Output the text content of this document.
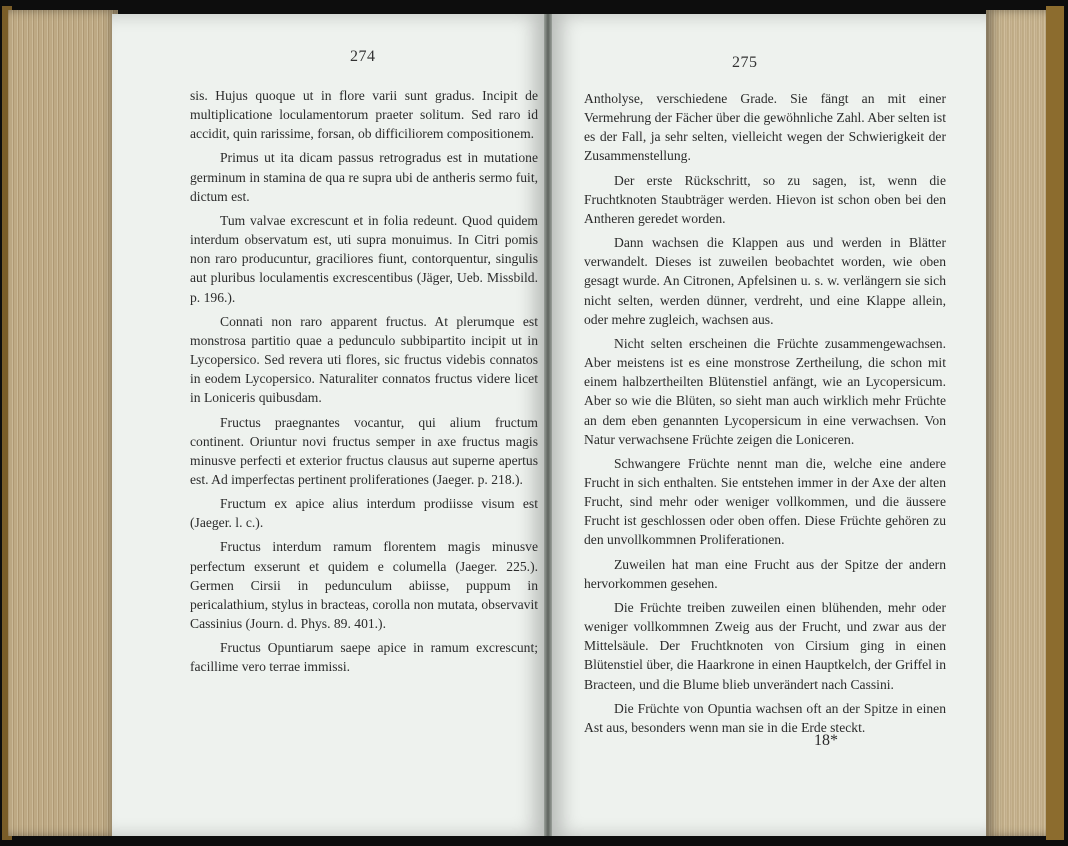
274

sis. Hujus quoque ut in flore varii sunt gradus. Incipit de multiplicatione loculamentorum praeter solitum. Sed raro id accidit, quin rarissime, forsan, ob difficiliorem compositionem.

Primus ut ita dicam passus retrogradus est in mutatione germinum in stamina de qua re supra ubi de antheris sermo fuit, dictum est.

Tum valvae excrescunt et in folia redeunt. Quod quidem interdum observatum est, uti supra monuimus. In Citri pomis non raro producuntur, graciliores fiunt, contorquentur, singulis aut pluribus loculamentis excrescentibus (Jäger, Ueb. Missbild. p. 196.).

Connati non raro apparent fructus. At plerumque est monstrosa partitio quae a pedunculo subbipartito incipit ut in Lycopersico. Sed revera uti flores, sic fructus videbis connatos in eodem Lycopersico. Naturaliter connatos fructus videre licet in Loniceris quibusdam.

Fructus praegnantes vocantur, qui alium fructum continent. Oriuntur novi fructus semper in axe fructus magis minusve perfecti et exterior fructus clausus aut superne apertus est. Ad imperfectas pertinent proliferationes (Jaeger. p. 218.).

Fructum ex apice alius interdum prodiisse visum est (Jaeger. l. c.).

Fructus interdum ramum florentem magis minusve perfectum exserunt et quidem e columella (Jaeger. 225.). Germen Cirsii in pedunculum abiisse, puppum in pericalathium, stylus in bracteas, corolla non mutata, observavit Cassinius (Journ. d. Phys. 89. 401.).

Fructus Opuntiarum saepe apice in ramum excrescunt; facillime vero terrae immissi.

275

Antholyse, verschiedene Grade. Sie fängt an mit einer Vermehrung der Fächer über die gewöhnliche Zahl. Aber selten ist es der Fall, ja sehr selten, vielleicht wegen der Schwierigkeit der Zusammenstellung.

Der erste Rückschritt, so zu sagen, ist, wenn die Fruchtknoten Staubträger werden. Hievon ist schon oben bei den Antheren geredet worden.

Dann wachsen die Klappen aus und werden in Blätter verwandelt. Dieses ist zuweilen beobachtet worden, wie oben gesagt wurde. An Citronen, Apfelsinen u. s. w. verlängern sie sich nicht selten, werden dünner, verdreht, und eine Klappe allein, oder mehre zugleich, wachsen aus.

Nicht selten erscheinen die Früchte zusammengewachsen. Aber meistens ist es eine monstrose Zertheilung, die schon mit einem halbzertheilten Blütenstiel anfängt, wie an Lycopersicum. Aber so wie die Blüten, so sieht man auch wirklich mehr Früchte an dem eben genannten Lycopersicum in eine verwachsen. Von Natur verwachsene Früchte zeigen die Loniceren.

Schwangere Früchte nennt man die, welche eine andere Frucht in sich enthalten. Sie entstehen immer in der Axe der alten Frucht, sind mehr oder weniger vollkommen, und die äussere Frucht ist geschlossen oder oben offen. Diese Früchte gehören zu den unvollkommnen Proliferationen.

Zuweilen hat man eine Frucht aus der Spitze der andern hervorkommen gesehen.

Die Früchte treiben zuweilen einen blühenden, mehr oder weniger vollkommnen Zweig aus der Frucht, und zwar aus der Mittelsäule. Der Fruchtknoten von Cirsium ging in einen Blütenstiel über, die Haarkrone in einen Hauptkelch, der Griffel in Bracteen, und die Blume blieb unverändert nach Cassini.

Die Früchte von Opuntia wachsen oft an der Spitze in einen Ast aus, besonders wenn man sie in die Erde steckt.

18*
